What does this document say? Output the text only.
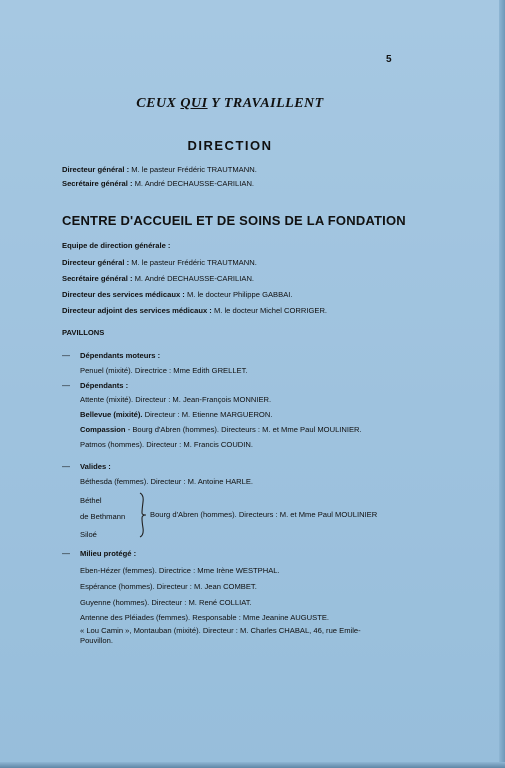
5
CEUX QUI Y TRAVAILLENT
DIRECTION
Directeur général : M. le pasteur Frédéric TRAUTMANN.
Secrétaire général : M. André DECHAUSSE-CARILIAN.
CENTRE D'ACCUEIL ET DE SOINS DE LA FONDATION
Equipe de direction générale :
Directeur général : M. le pasteur Frédéric TRAUTMANN.
Secrétaire général : M. André DECHAUSSE-CARILIAN.
Directeur des services médicaux : M. le docteur Philippe GABBAI.
Directeur adjoint des services médicaux : M. le docteur Michel CORRIGER.
PAVILLONS
— Dépendants moteurs :
Penuel (mixité). Directrice : Mme Edith GRELLET.
— Dépendants :
Attente (mixité). Directeur : M. Jean-François MONNIER.
Bellevue (mixité). Directeur : M. Etienne MARGUERON.
Compassion - Bourg d'Abren (hommes). Directeurs : M. et Mme Paul MOULINIER.
Patmos (hommes). Directeur : M. Francis COUDIN.
— Valides :
Béthesda (femmes). Directeur : M. Antoine HARLE.
Béthel
de Bethmann
Siloé
Bourg d'Abren (hommes). Directeurs : M. et Mme Paul MOULINIER
— Milieu protégé :
Eben-Hézer (femmes). Directrice : Mme Irène WESTPHAL.
Espérance (hommes). Directeur : M. Jean COMBET.
Guyenne (hommes). Directeur : M. René COLLIAT.
Antenne des Pléiades (femmes). Responsable : Mme Jeanine AUGUSTE.
« Lou Camin », Montauban (mixité). Directeur : M. Charles CHABAL, 46, rue Emile-
Pouvillon.
